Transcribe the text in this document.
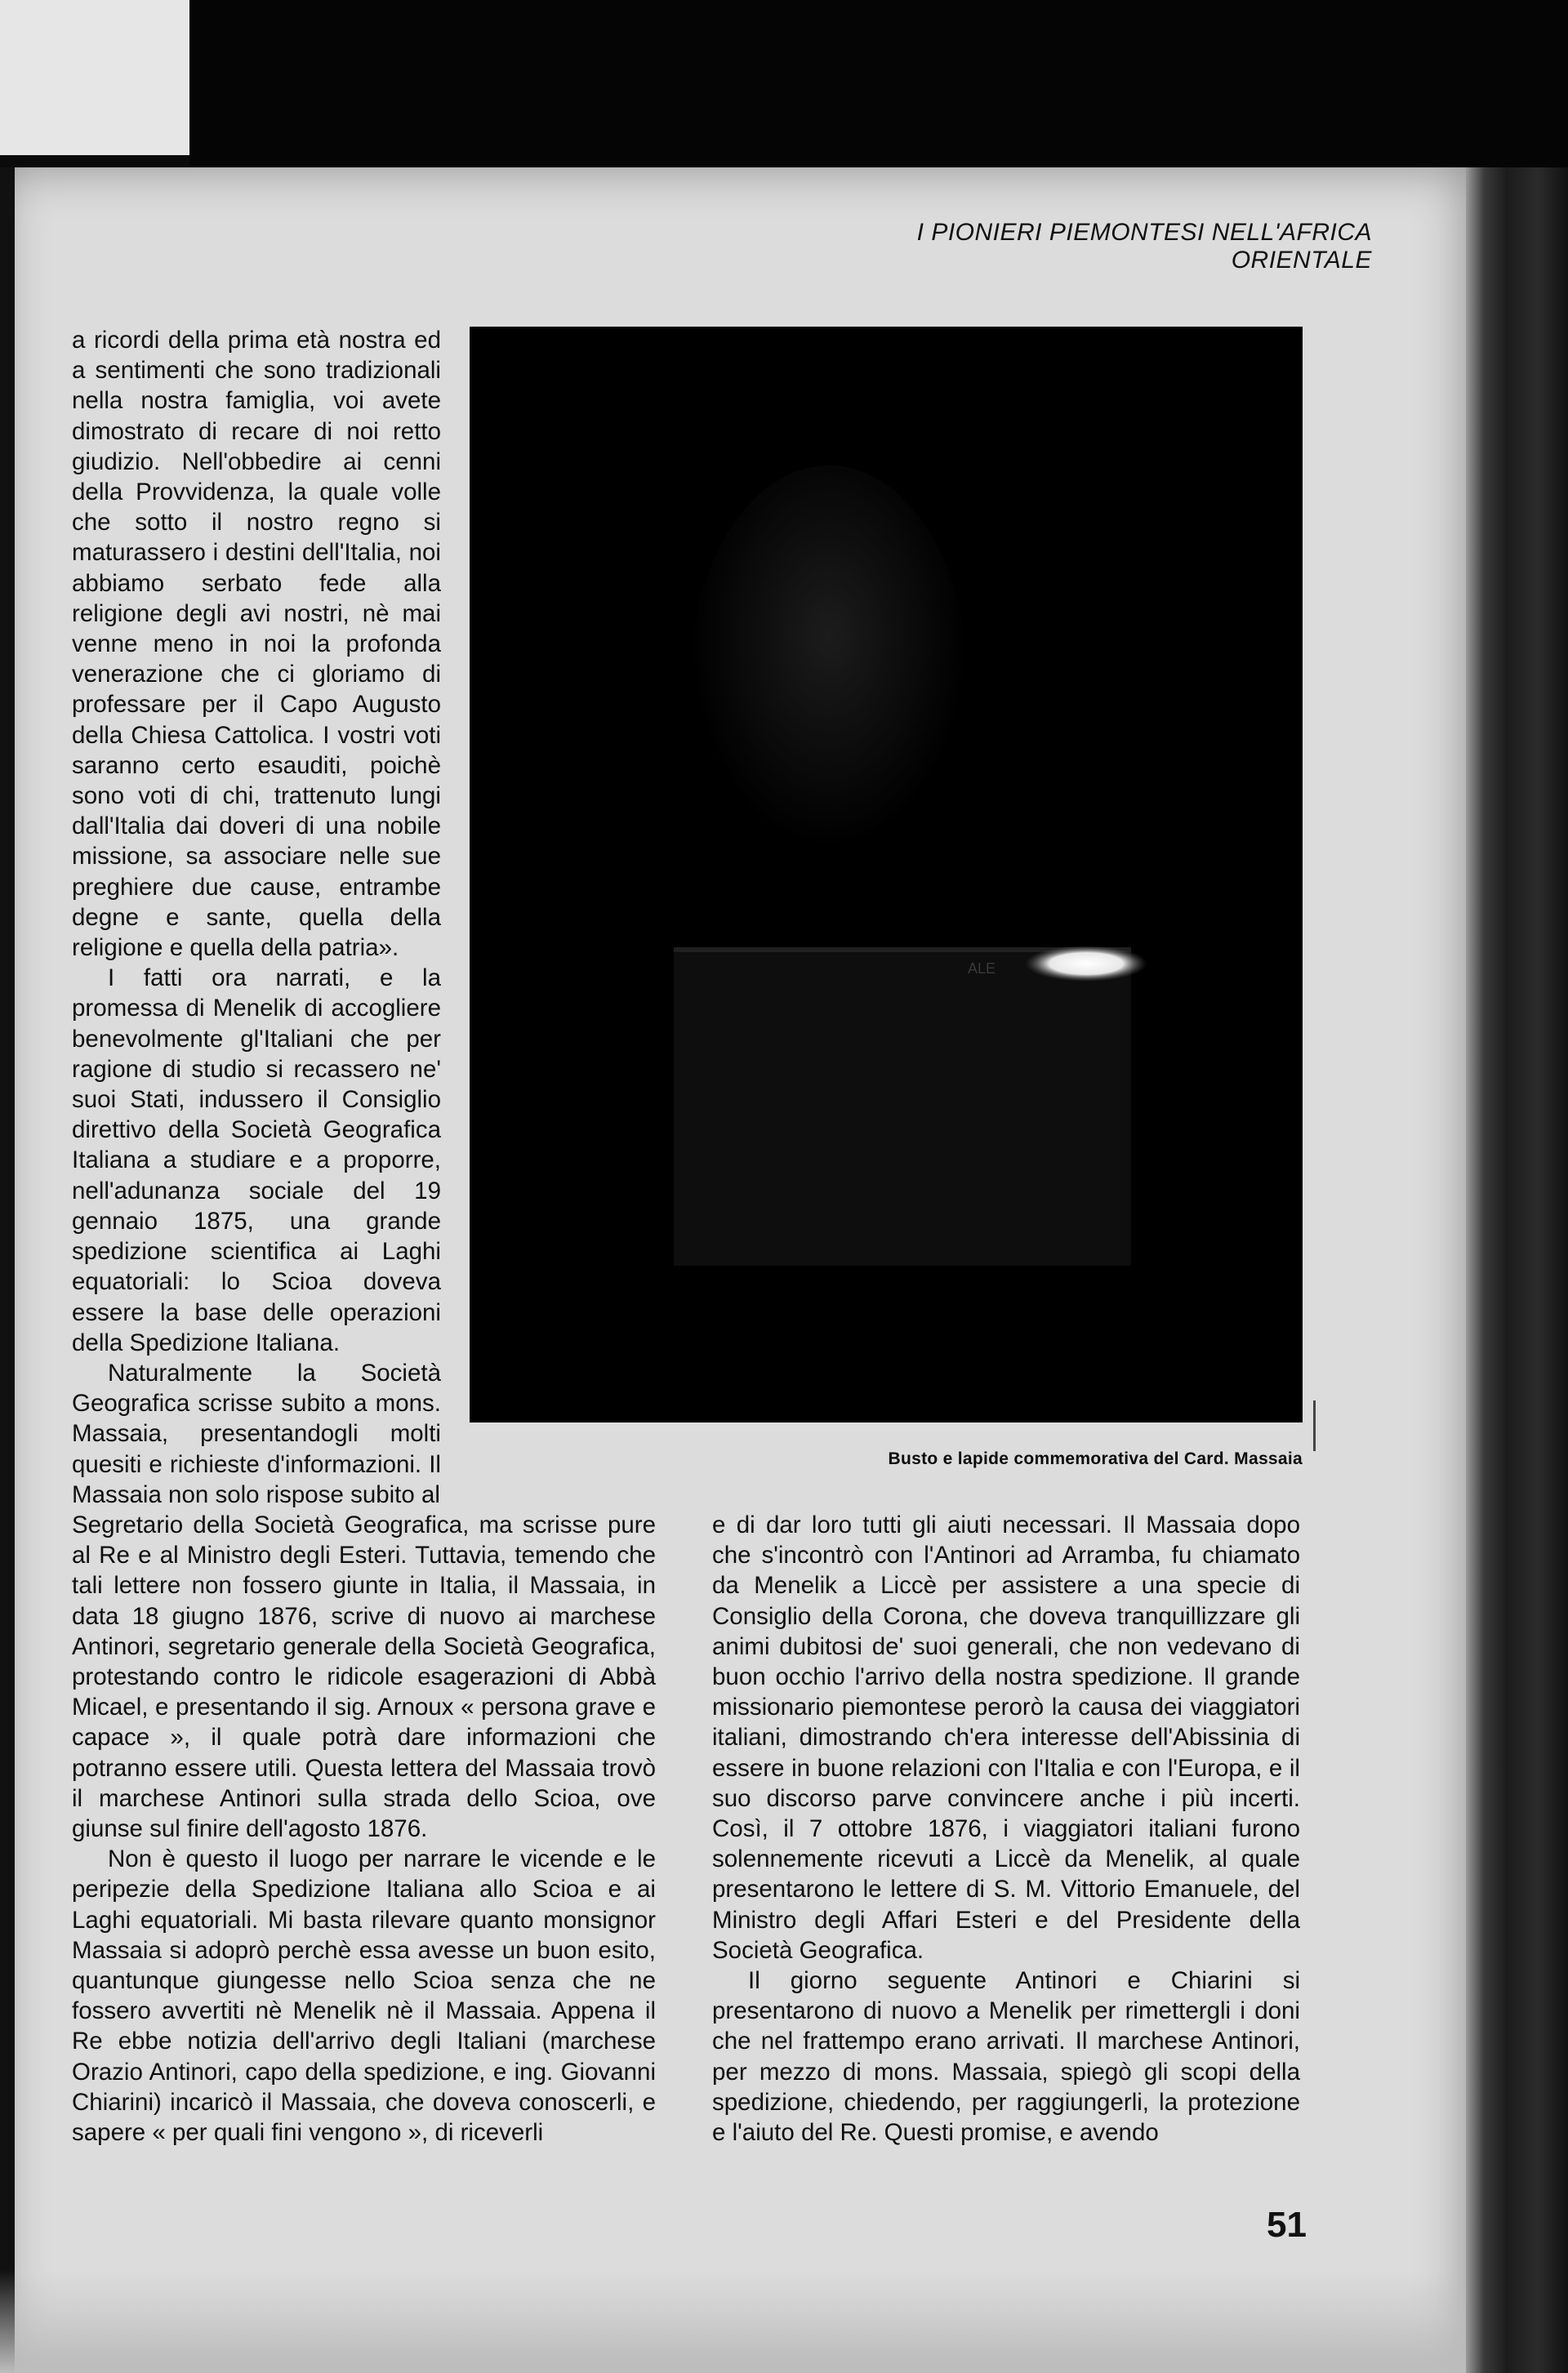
I PIONIERI PIEMONTESI NELL'AFRICA ORIENTALE

a ricordi della prima età nostra ed a sentimenti che sono tradizionali nella nostra famiglia, voi avete dimostrato di recare di noi retto giudizio. Nell'obbedire ai cenni della Provvidenza, la quale volle che sotto il nostro regno si maturassero i destini dell'Italia, noi abbiamo serbato fede alla religione degli avi nostri, nè mai venne meno in noi la profonda venerazione che ci gloriamo di professare per il Capo Augusto della Chiesa Cattolica. I vostri voti saranno certo esauditi, poichè sono voti di chi, trattenuto lungi dall'Italia dai doveri di una nobile missione, sa associare nelle sue preghiere due cause, entrambe degne e sante, quella della religione e quella della patria».

I fatti ora narrati, e la promessa di Menelik di accogliere benevolmente gl'Italiani che per ragione di studio si recassero ne' suoi Stati, indussero il Consiglio direttivo della Società Geografica Italiana a studiare e a proporre, nell'adunanza sociale del 19 gennaio 1875, una grande spedizione scientifica ai Laghi equatoriali: lo Scioa doveva essere la base delle operazioni della Spedizione Italiana.

Naturalmente la Società Geografica scrisse subito a mons. Massaia, presentandogli molti quesiti e richieste d'informazioni. Il Massaia non solo rispose subito al

ALE
Busto e lapide commemorativa del Card. Massaia

Segretario della Società Geografica, ma scrisse pure al Re e al Ministro degli Esteri. Tuttavia, temendo che tali lettere non fossero giunte in Italia, il Massaia, in data 18 giugno 1876, scrive di nuovo ai marchese Antinori, segretario generale della Società Geografica, protestando contro le ridicole esagerazioni di Abbà Micael, e presentando il sig. Arnoux « persona grave e capace », il quale potrà dare informazioni che potranno essere utili. Questa lettera del Massaia trovò il marchese Antinori sulla strada dello Scioa, ove giunse sul finire dell'agosto 1876.

Non è questo il luogo per narrare le vicende e le peripezie della Spedizione Italiana allo Scioa e ai Laghi equatoriali. Mi basta rilevare quanto monsignor Massaia si adoprò perchè essa avesse un buon esito, quantunque giungesse nello Scioa senza che ne fossero avvertiti nè Menelik nè il Massaia. Appena il Re ebbe notizia dell'arrivo degli Italiani (marchese Orazio Antinori, capo della spedizione, e ing. Giovanni Chiarini) incaricò il Massaia, che doveva conoscerli, e sapere « per quali fini vengono », di riceverli

e di dar loro tutti gli aiuti necessari. Il Massaia dopo che s'incontrò con l'Antinori ad Arramba, fu chiamato da Menelik a Liccè per assistere a una specie di Consiglio della Corona, che doveva tranquillizzare gli animi dubitosi de' suoi generali, che non vedevano di buon occhio l'arrivo della nostra spedizione. Il grande missionario piemontese perorò la causa dei viaggiatori italiani, dimostrando ch'era interesse dell'Abissinia di essere in buone relazioni con l'Italia e con l'Europa, e il suo discorso parve convincere anche i più incerti. Così, il 7 ottobre 1876, i viaggiatori italiani furono solennemente ricevuti a Liccè da Menelik, al quale presentarono le lettere di S. M. Vittorio Emanuele, del Ministro degli Affari Esteri e del Presidente della Società Geografica.

Il giorno seguente Antinori e Chiarini si presentarono di nuovo a Menelik per rimettergli i doni che nel frattempo erano arrivati. Il marchese Antinori, per mezzo di mons. Massaia, spiegò gli scopi della spedizione, chiedendo, per raggiungerli, la protezione e l'aiuto del Re. Questi promise, e avendo

51
